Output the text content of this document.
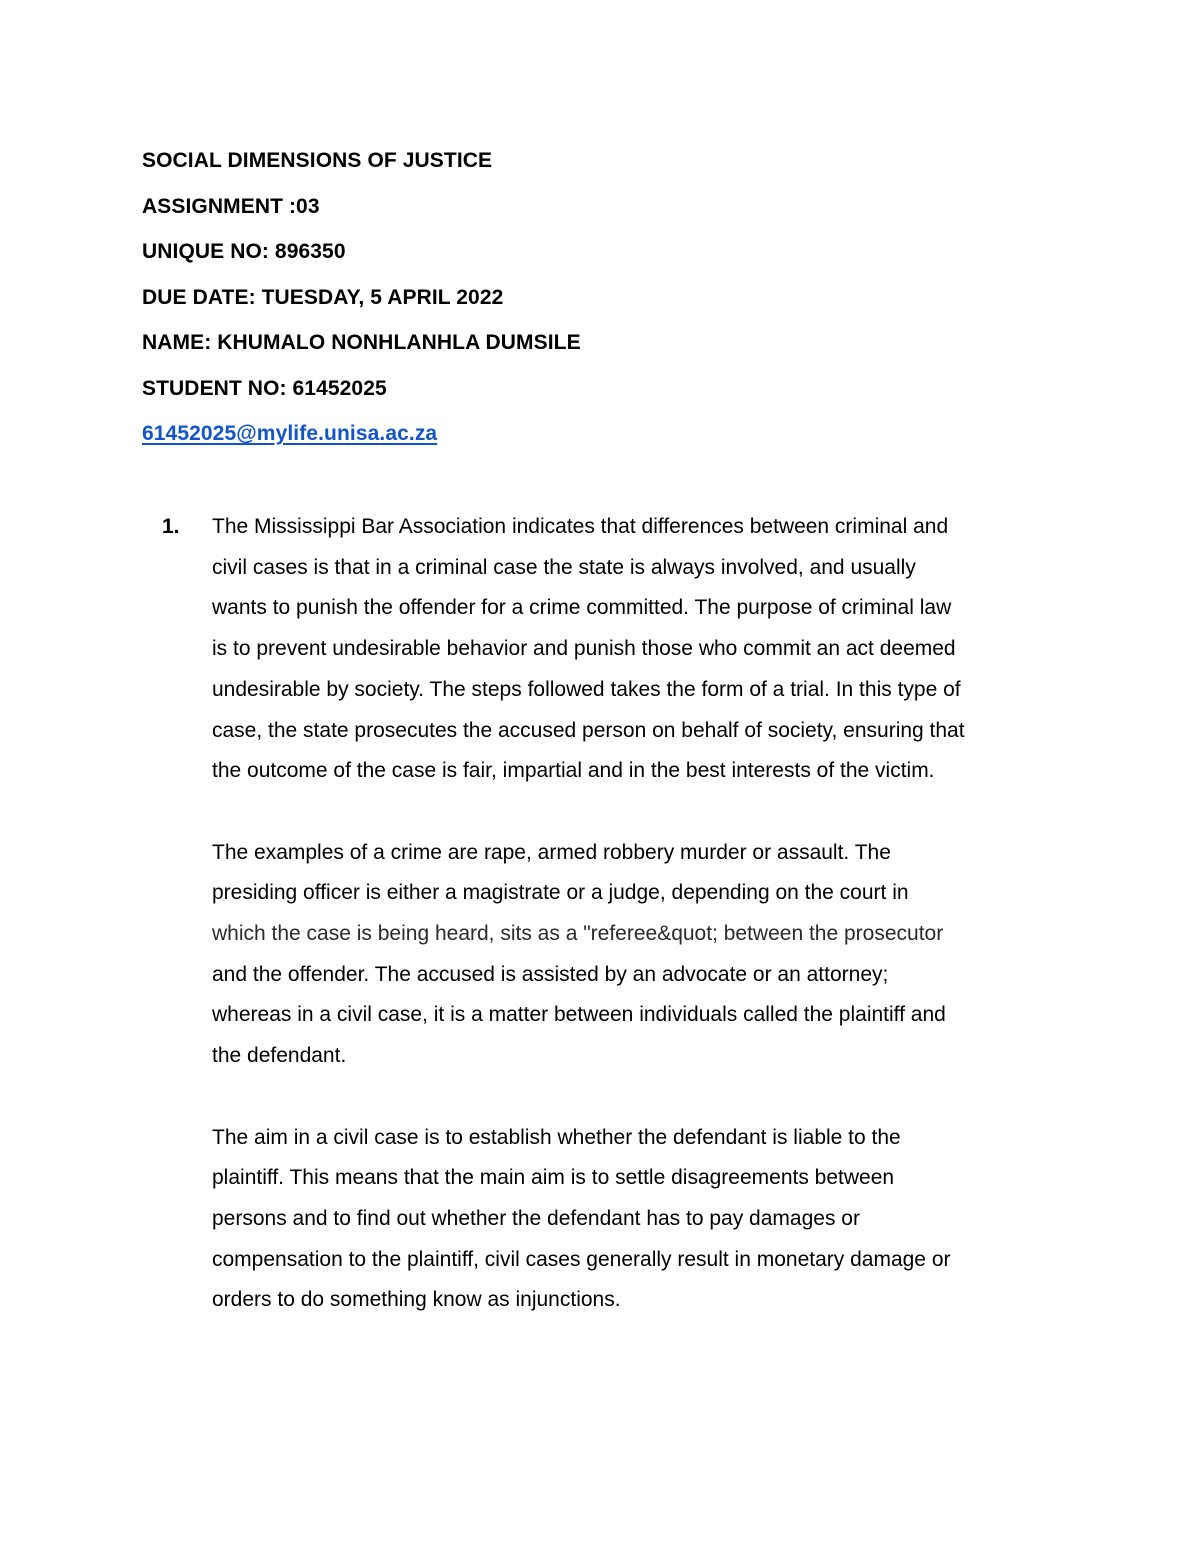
SOCIAL DIMENSIONS OF JUSTICE
ASSIGNMENT :03
UNIQUE NO: 896350
DUE DATE: TUESDAY, 5 APRIL 2022
NAME: KHUMALO NONHLANHLA DUMSILE
STUDENT NO: 61452025
61452025@mylife.unisa.ac.za
1. The Mississippi Bar Association indicates that differences between criminal and
civil cases is that in a criminal case the state is always involved, and usually
wants to punish the offender for a crime committed. The purpose of criminal law
is to prevent undesirable behavior and punish those who commit an act deemed
undesirable by society. The steps followed takes the form of a trial. In this type of
case, the state prosecutes the accused person on behalf of society, ensuring that
the outcome of the case is fair, impartial and in the best interests of the victim.
The examples of a crime are rape, armed robbery murder or assault. The
presiding officer is either a magistrate or a judge, depending on the court in
which the case is being heard, sits as a "referee&quot; between the prosecutor
and the offender. The accused is assisted by an advocate or an attorney;
whereas in a civil case, it is a matter between individuals called the plaintiff and
the defendant.
The aim in a civil case is to establish whether the defendant is liable to the
plaintiff. This means that the main aim is to settle disagreements between
persons and to find out whether the defendant has to pay damages or
compensation to the plaintiff, civil cases generally result in monetary damage or
orders to do something know as injunctions.
